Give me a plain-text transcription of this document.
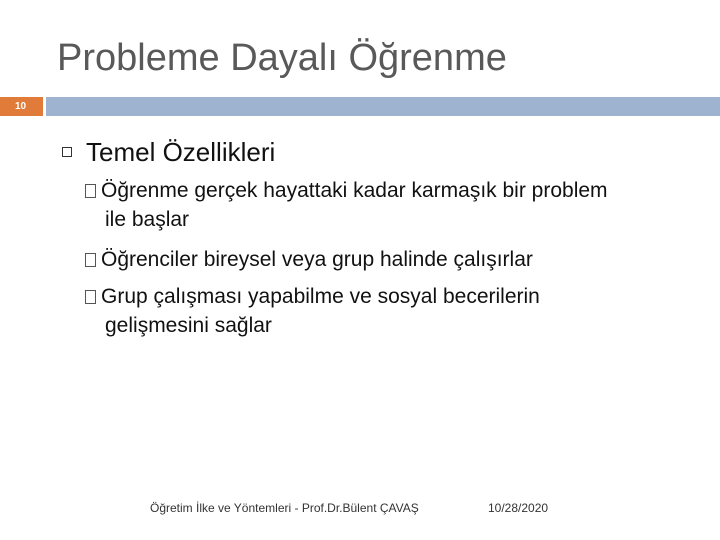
Probleme Dayalı Öğrenme
10
Temel Özellikleri
Öğrenme gerçek hayattaki kadar karmaşık bir problem
ile başlar
Öğrenciler bireysel veya grup halinde çalışırlar
Grup çalışması yapabilme ve sosyal becerilerin
gelişmesini sağlar
Öğretim İlke ve Yöntemleri - Prof.Dr.Bülent ÇAVAŞ	10/28/2020
